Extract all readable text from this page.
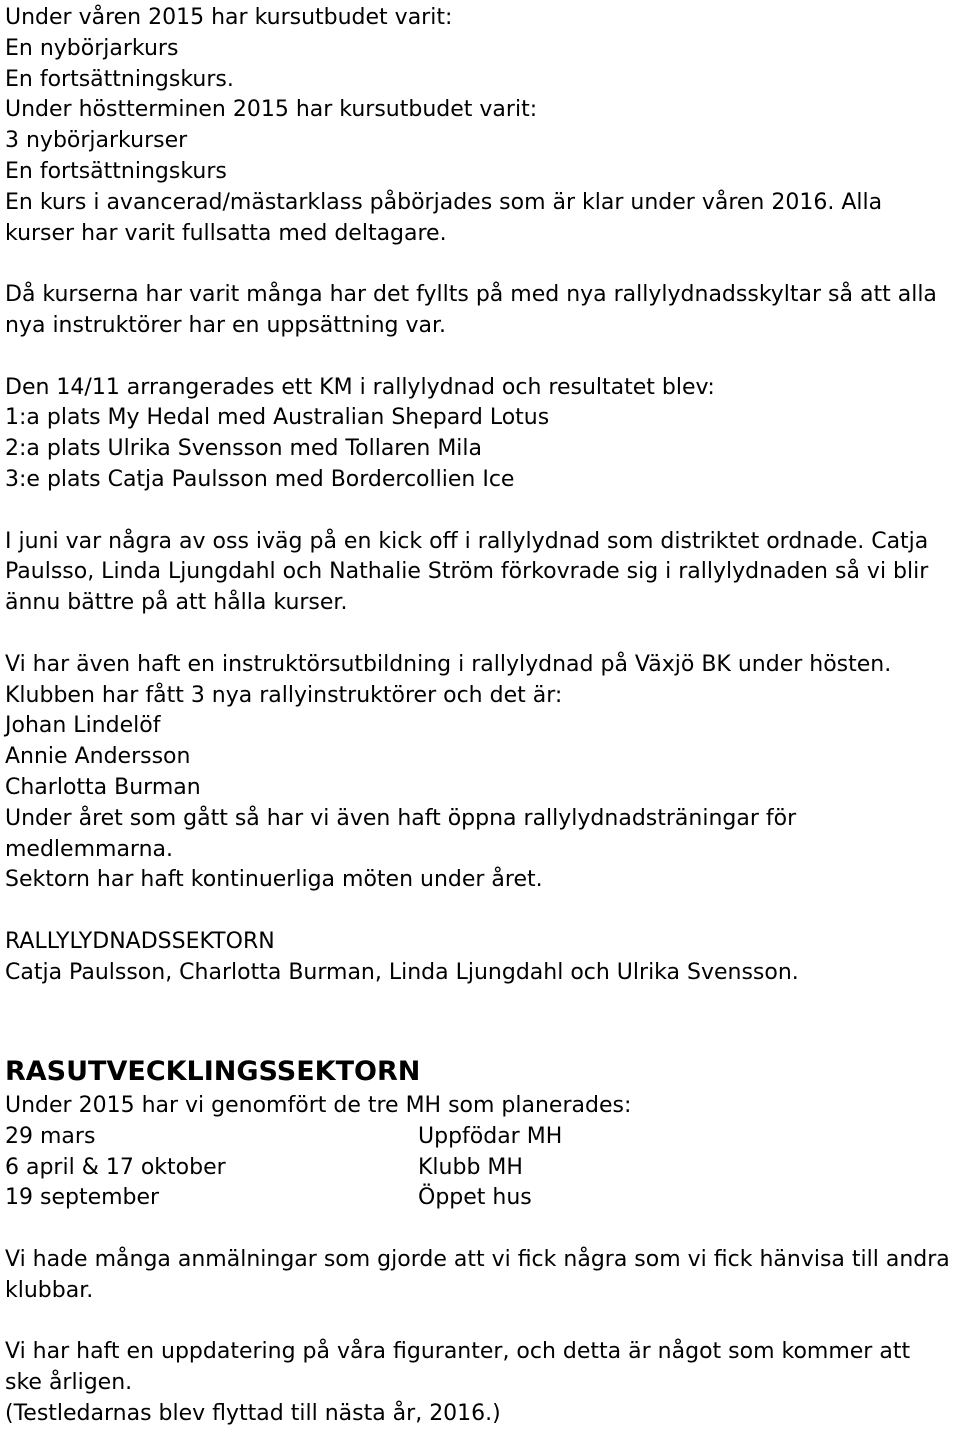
Under våren 2015 har kursutbudet varit:
En nybörjarkurs
En fortsättningskurs.
Under höstterminen 2015 har kursutbudet varit:
3 nybörjarkurser
En fortsättningskurs
En kurs i avancerad/mästarklass påbörjades som är klar under våren 2016. Alla
kurser har varit fullsatta med deltagare.
Då kurserna har varit många har det fyllts på med nya rallylydnadsskyltar så att alla
nya instruktörer har en uppsättning var.
Den 14/11 arrangerades ett KM i rallylydnad och resultatet blev:
1:a plats My Hedal med Australian Shepard Lotus
2:a plats Ulrika Svensson med Tollaren Mila
3:e plats Catja Paulsson med Bordercollien Ice
I juni var några av oss iväg på en kick off i rallylydnad som distriktet ordnade. Catja
Paulsso, Linda Ljungdahl och Nathalie Ström förkovrade sig i rallylydnaden så vi blir
ännu bättre på att hålla kurser.
Vi har även haft en instruktörsutbildning i rallylydnad på Växjö BK under hösten.
Klubben har fått 3 nya rallyinstruktörer och det är:
Johan Lindelöf
Annie Andersson
Charlotta Burman
Under året som gått så har vi även haft öppna rallylydnadsträningar för
medlemmarna.
Sektorn har haft kontinuerliga möten under året.
RALLYLYDNADSSEKTORN
Catja Paulsson, Charlotta Burman, Linda Ljungdahl och Ulrika Svensson.
RASUTVECKLINGSSEKTORN
Under 2015 har vi genomfört de tre MH som planerades:
29 mars	Uppfödar MH
6 april & 17 oktober	Klubb MH
19 september	Öppet hus
Vi hade många anmälningar som gjorde att vi fick några som vi fick hänvisa till andra
klubbar.
Vi har haft en uppdatering på våra figuranter, och detta är något som kommer att
ske årligen.
(Testledarnas blev flyttad till nästa år, 2016.)
